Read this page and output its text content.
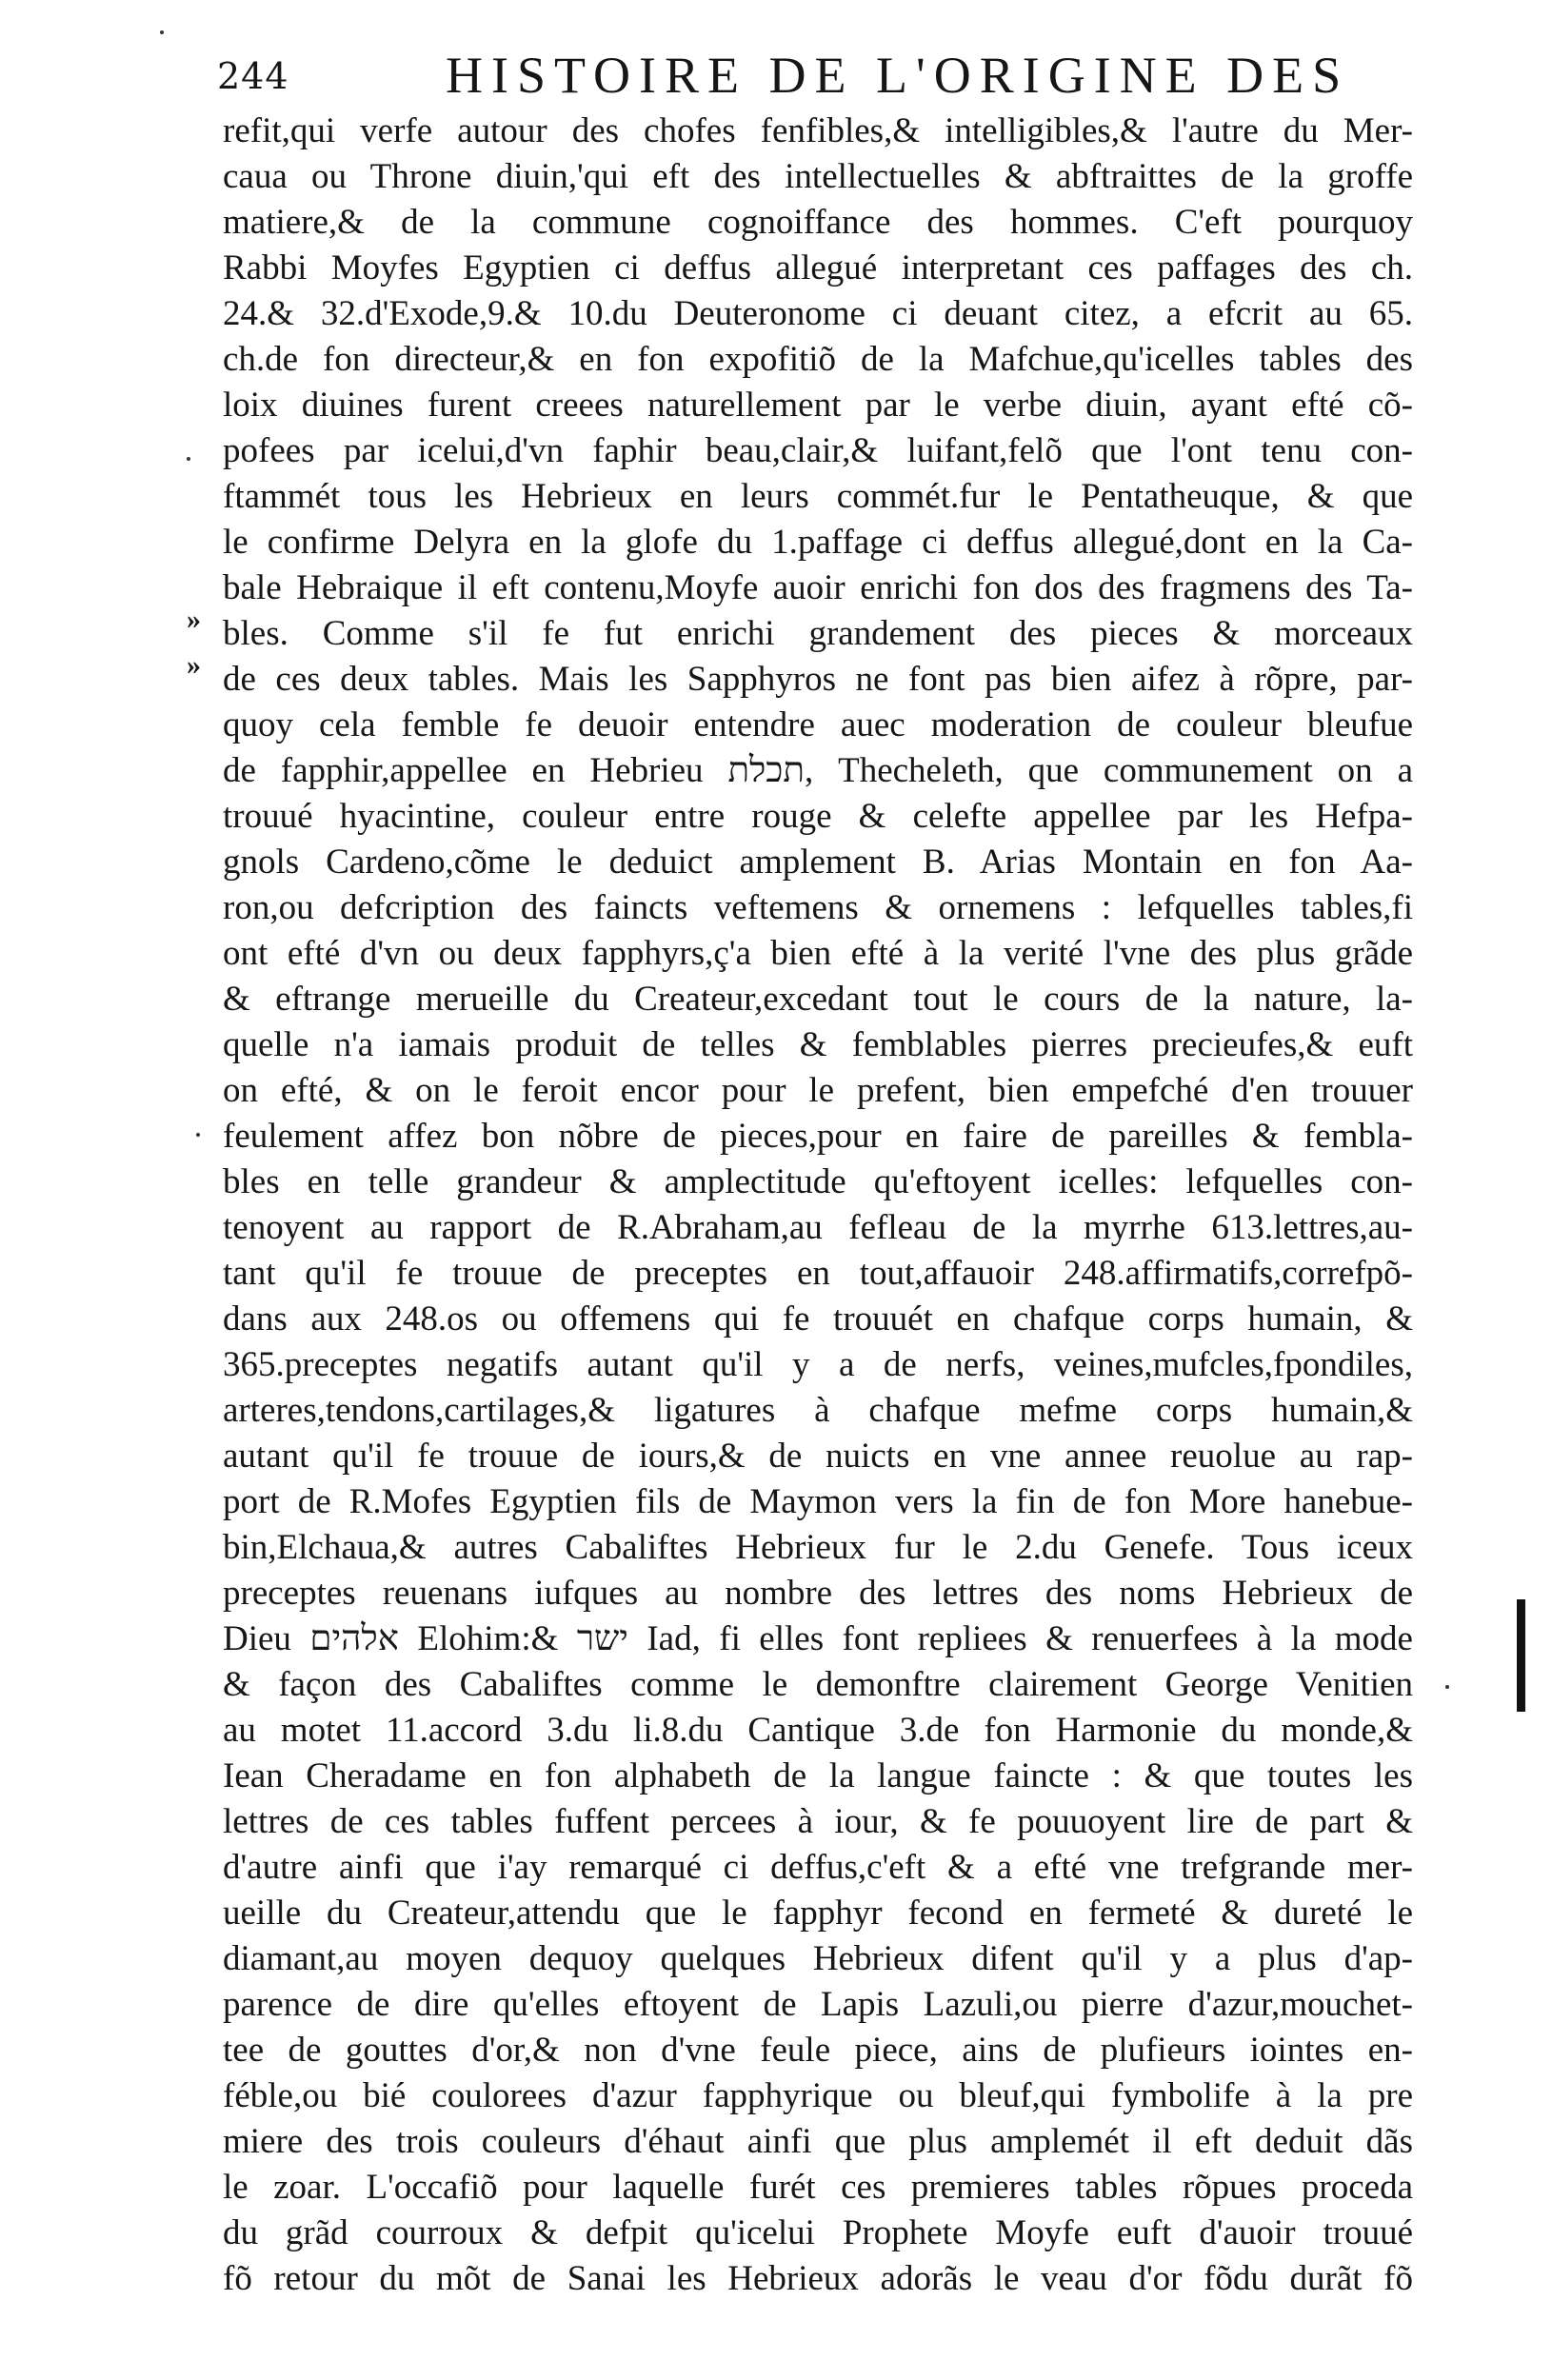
244	HISTOIRE DE L'ORIGINE DES
refit,qui verfe autour des chofes fenfibles,& intelligibles,& l'autre du Mer-
caua ou Throne diuin,'qui eft des intellectuelles & abftraittes de la groffe
matiere,& de la commune cognoiffance des hommes. C'eft pourquoy
Rabbi Moyfes Egyptien ci deffus allegué interpretant ces paffages des ch.
24.& 32.d'Exode,9.& 10.du Deuteronome ci deuant citez, a efcrit au 65.
ch.de fon directeur,& en fon expofitiõ de la Mafchue,qu'icelles tables des
loix diuines furent creees naturellement par le verbe diuin, ayant efté cõ-
pofees par icelui,d'vn faphir beau,clair,& luifant,felõ que l'ont tenu con-
ftammét tous les Hebrieux en leurs commét.fur le Pentatheuque, & que
le confirme Delyra en la glofe du 1.paffage ci deffus allegué,dont en la Ca-
bale Hebraique il eft contenu,Moyfe auoir enrichi fon dos des fragmens des Ta-
bles. Comme s'il fe fut enrichi grandement des pieces & morceaux
de ces deux tables. Mais les Sapphyros ne font pas bien aifez à rõpre, par-
quoy cela femble fe deuoir entendre auec moderation de couleur bleufue
de fapphir,appellee en Hebrieu תכלת, Thecheleth, que communement on a
trouué hyacintine, couleur entre rouge & celefte appellee par les Hefpa-
gnols Cardeno,cõme le deduict amplement B. Arias Montain en fon Aa-
ron,ou defcription des faincts veftemens & ornemens : lefquelles tables,fi
ont efté d'vn ou deux fapphyrs,ç'a bien efté à la verité l'vne des plus grãde
& eftrange merueille du Createur,excedant tout le cours de la nature, la-
quelle n'a iamais produit de telles & femblables pierres precieufes,& euft
on efté, & on le feroit encor pour le prefent, bien empefché d'en trouuer
feulement affez bon nõbre de pieces,pour en faire de pareilles & fembla-
bles en telle grandeur & amplectitude qu'eftoyent icelles: lefquelles con-
tenoyent au rapport de R.Abraham,au fefleau de la myrrhe 613.lettres,au-
tant qu'il fe trouue de preceptes en tout,affauoir 248.affirmatifs,correfpõ-
dans aux 248.os ou offemens qui fe trouuét en chafque corps humain, &
365.preceptes negatifs autant qu'il y a de nerfs, veines,mufcles,fpondiles,
arteres,tendons,cartilages,& ligatures à chafque mefme corps humain,&
autant qu'il fe trouue de iours,& de nuicts en vne annee reuolue au rap-
port de R.Mofes Egyptien fils de Maymon vers la fin de fon More hanebue-
bin,Elchaua,& autres Cabaliftes Hebrieux fur le 2.du Genefe. Tous iceux
preceptes reuenans iufques au nombre des lettres des noms Hebrieux de
Dieu אלהים Elohim:& ישר Iad, fi elles font repliees & renuerfees à la mode
& façon des Cabaliftes comme le demonftre clairement George Venitien
au motet 11.accord 3.du li.8.du Cantique 3.de fon Harmonie du monde,&
Iean Cheradame en fon alphabeth de la langue faincte : & que toutes les
lettres de ces tables fuffent percees à iour, & fe pouuoyent lire de part &
d'autre ainfi que i'ay remarqué ci deffus,c'eft & a efté vne trefgrande mer-
ueille du Createur,attendu que le fapphyr fecond en fermeté & dureté le
diamant,au moyen dequoy quelques Hebrieux difent qu'il y a plus d'ap-
parence de dire qu'elles eftoyent de Lapis Lazuli,ou pierre d'azur,mouchet-
tee de gouttes d'or,& non d'vne feule piece, ains de plufieurs iointes en-
féble,ou bié coulorees d'azur fapphyrique ou bleuf,qui fymbolife à la pre
miere des trois couleurs d'éhaut ainfi que plus amplemét il eft deduit dãs
le zoar. L'occafiõ pour laquelle furét ces premieres tables rõpues proceda
du grãd courroux & defpit qu'icelui Prophete Moyfe euft d'auoir trouué
fõ retour du mõt de Sanai les Hebrieux adorãs le veau d'or fõdu durãt fõ
»
»
